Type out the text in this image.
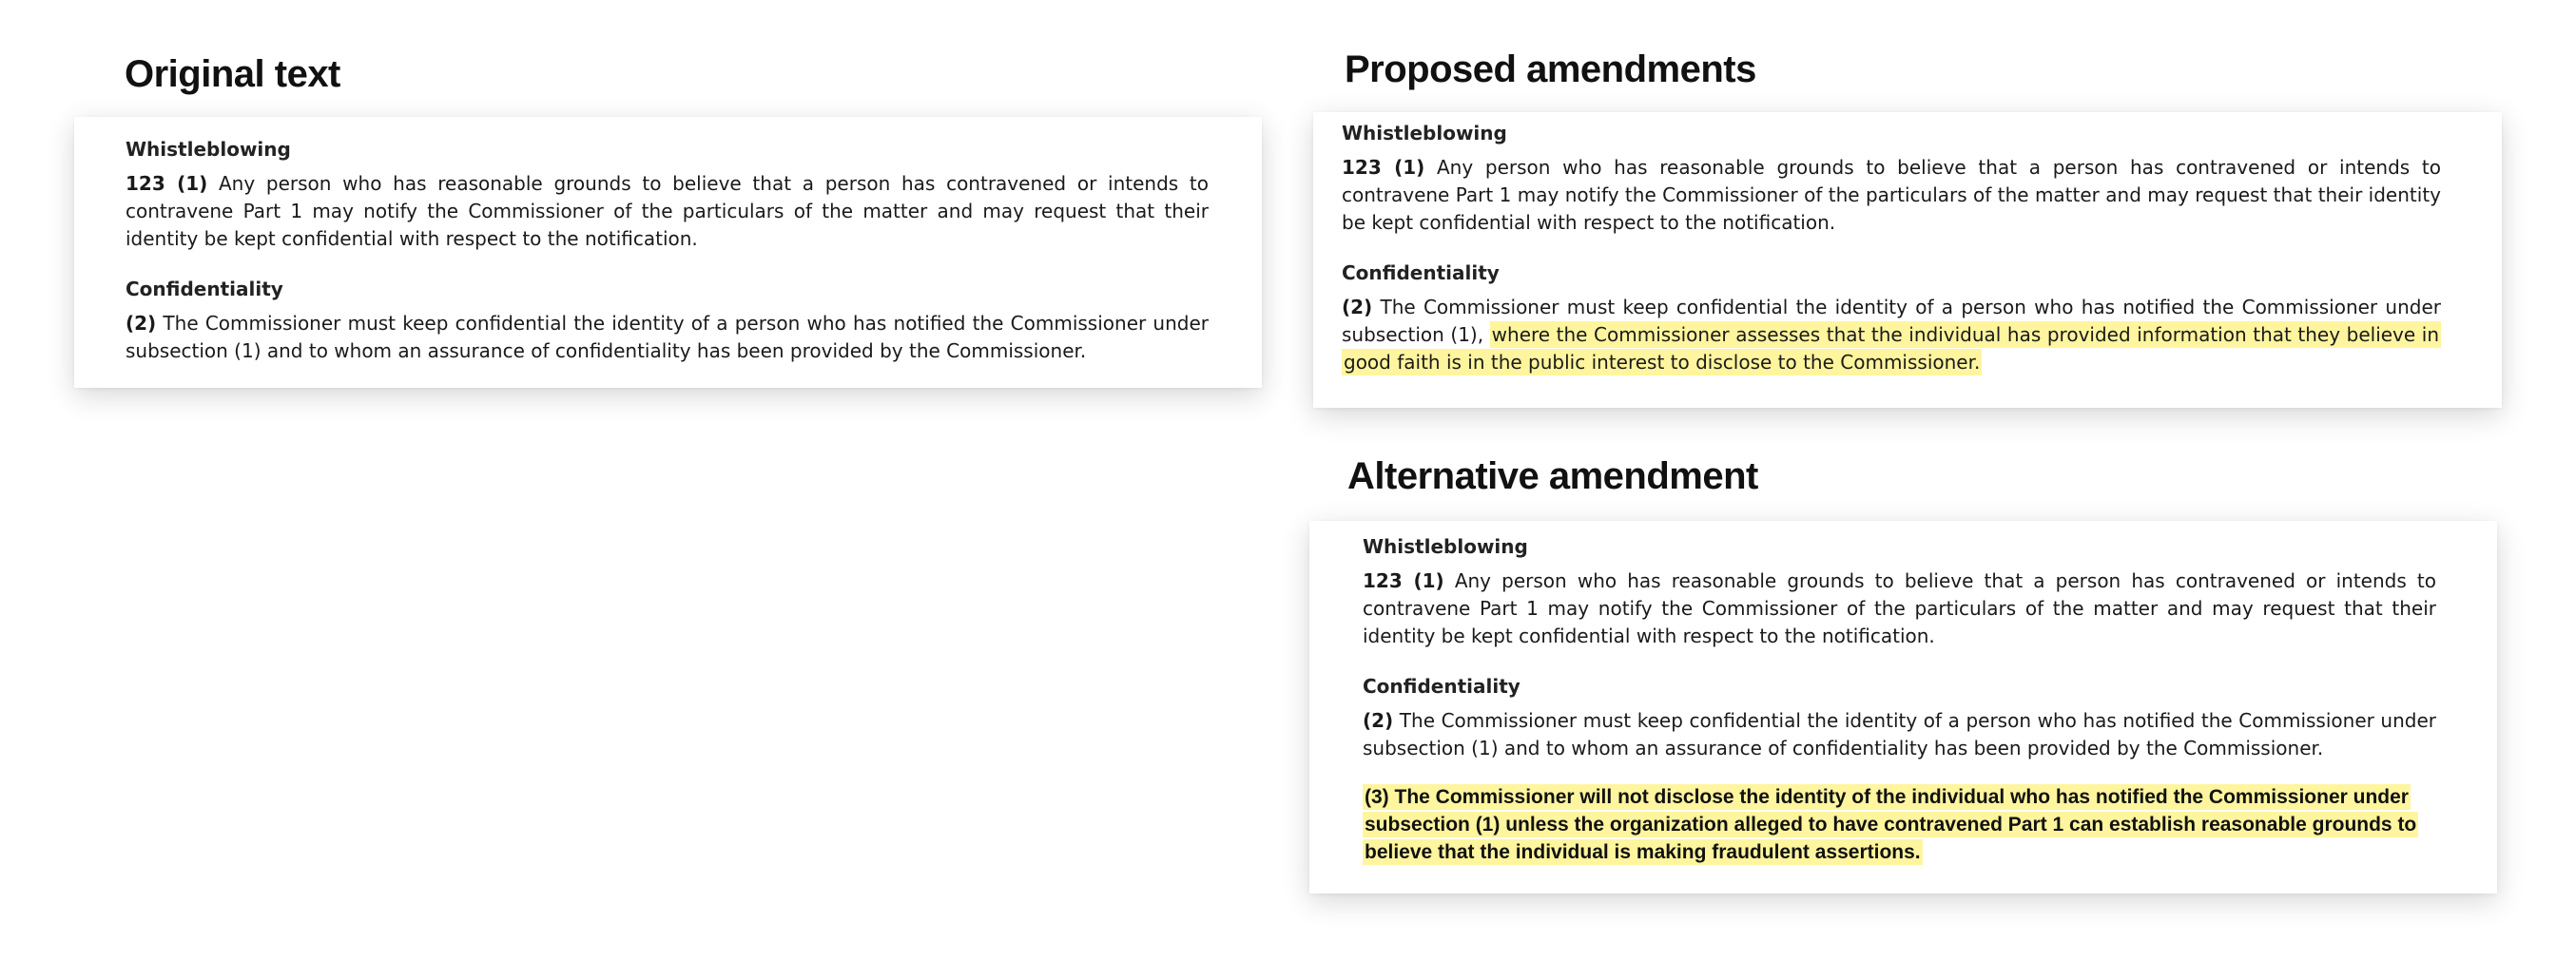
Original text
Whistleblowing

123 (1) Any person who has reasonable grounds to believe that a person has contravened or intends to contravene Part 1 may notify the Commissioner of the particulars of the matter and may request that their identity be kept confidential with respect to the notification.

Confidentiality

(2) The Commissioner must keep confidential the identity of a person who has notified the Commissioner under subsection (1) and to whom an assurance of confidentiality has been provided by the Commissioner.

Proposed amendments
Whistleblowing

123 (1) Any person who has reasonable grounds to believe that a person has contravened or intends to contravene Part 1 may notify the Commissioner of the particulars of the matter and may request that their identity be kept confidential with respect to the notification.

Confidentiality

(2) The Commissioner must keep confidential the identity of a person who has notified the Commissioner under subsection (1), where the Commissioner assesses that the individual has provided information that they believe in good faith is in the public interest to disclose to the Commissioner.

Alternative amendment
Whistleblowing

123 (1) Any person who has reasonable grounds to believe that a person has contravened or intends to contravene Part 1 may notify the Commissioner of the particulars of the matter and may request that their identity be kept confidential with respect to the notification.

Confidentiality

(2) The Commissioner must keep confidential the identity of a person who has notified the Commissioner under subsection (1) and to whom an assurance of confidentiality has been provided by the Commissioner.

(3) The Commissioner will not disclose the identity of the individual who has notified the Commissioner under subsection (1) unless the organization alleged to have contravened Part 1 can establish reasonable grounds to believe that the individual is making fraudulent assertions.
